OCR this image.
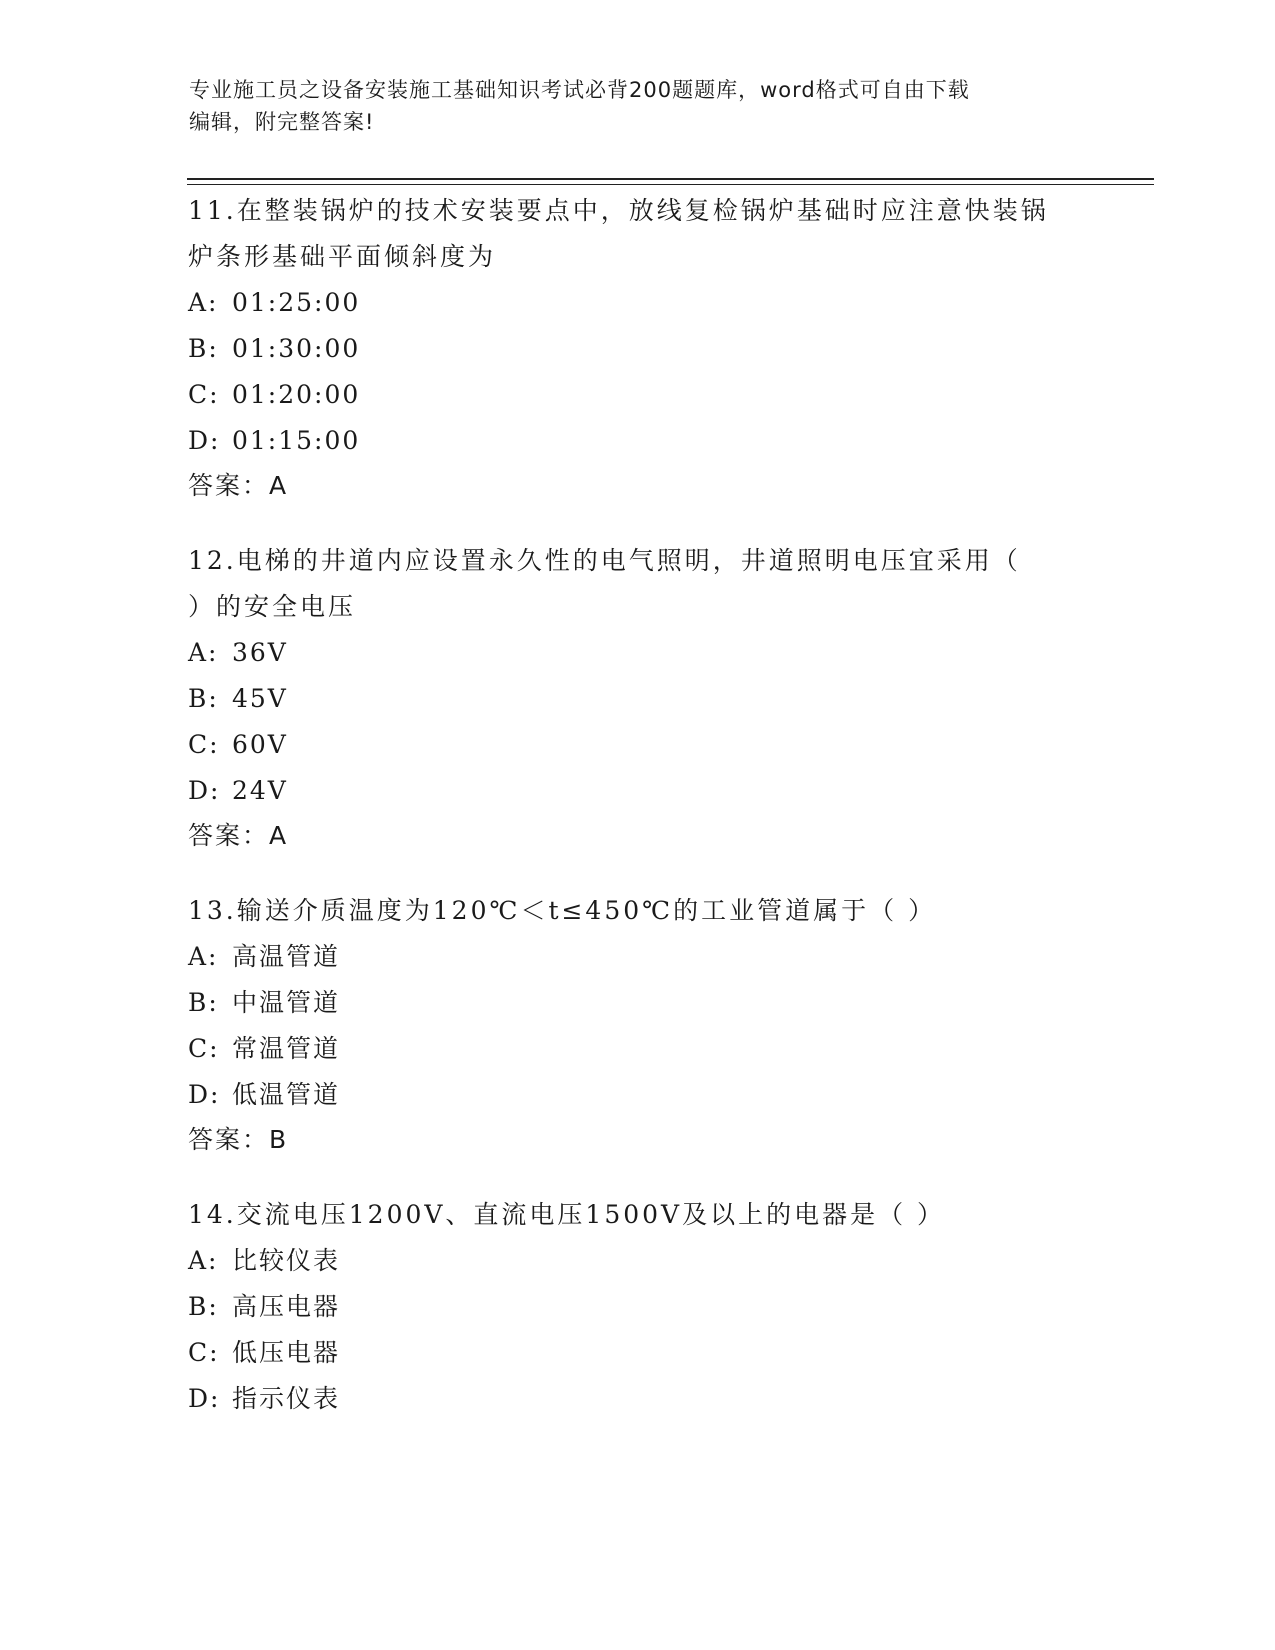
专业施工员之设备安装施工基础知识考试必背200题题库，word格式可自由下载
编辑，附完整答案!
11.在整装锅炉的技术安装要点中，放线复检锅炉基础时应注意快装锅
炉条形基础平面倾斜度为
A: 01:25:00
B: 01:30:00
C: 01:20:00
D: 01:15:00
答案：A
12.电梯的井道内应设置永久性的电气照明，井道照明电压宜采用（
）的安全电压
A: 36V
B: 45V
C: 60V
D: 24V
答案：A
13.输送介质温度为120℃＜t≤450℃的工业管道属于（ ）
A: 高温管道
B: 中温管道
C: 常温管道
D: 低温管道
答案：B
14.交流电压1200V、直流电压1500V及以上的电器是（ ）
A: 比较仪表
B: 高压电器
C: 低压电器
D: 指示仪表
